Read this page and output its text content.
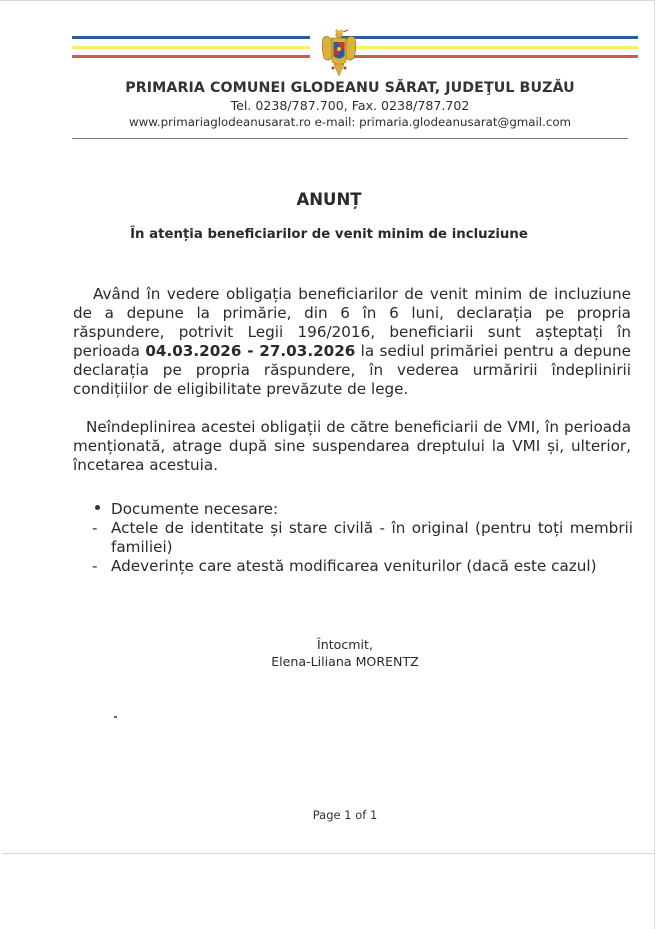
PRIMARIA COMUNEI GLODEANU SĂRAT, JUDEŢUL BUZĂU
Tel. 0238/787.700, Fax. 0238/787.702
www.primariaglodeanusarat.ro e-mail: primaria.glodeanusarat@gmail.com
ANUNȚ
În atenția beneficiarilor de venit minim de incluziune
Având în vedere obligația beneficiarilor de venit minim de incluziune de a depune la primărie, din 6 în 6 luni, declarația pe propria răspundere, potrivit Legii 196/2016, beneficiarii sunt așteptați în perioada 04.03.2026 - 27.03.2026 la sediul primăriei pentru a depune declarația pe propria răspundere, în vederea urmăririi îndeplinirii condițiilor de eligibilitate prevăzute de lege.
Neîndeplinirea acestei obligații de către beneficiarii de VMI, în perioada menționată, atrage după sine suspendarea dreptului la VMI și, ulterior, încetarea acestuia.
Documente necesare:
- Actele de identitate și stare civilă - în original (pentru toți membrii familiei)
- Adeverințe care atestă modificarea veniturilor (dacă este cazul)
Întocmit,
Elena-Liliana MORENTZ
Page 1 of 1
